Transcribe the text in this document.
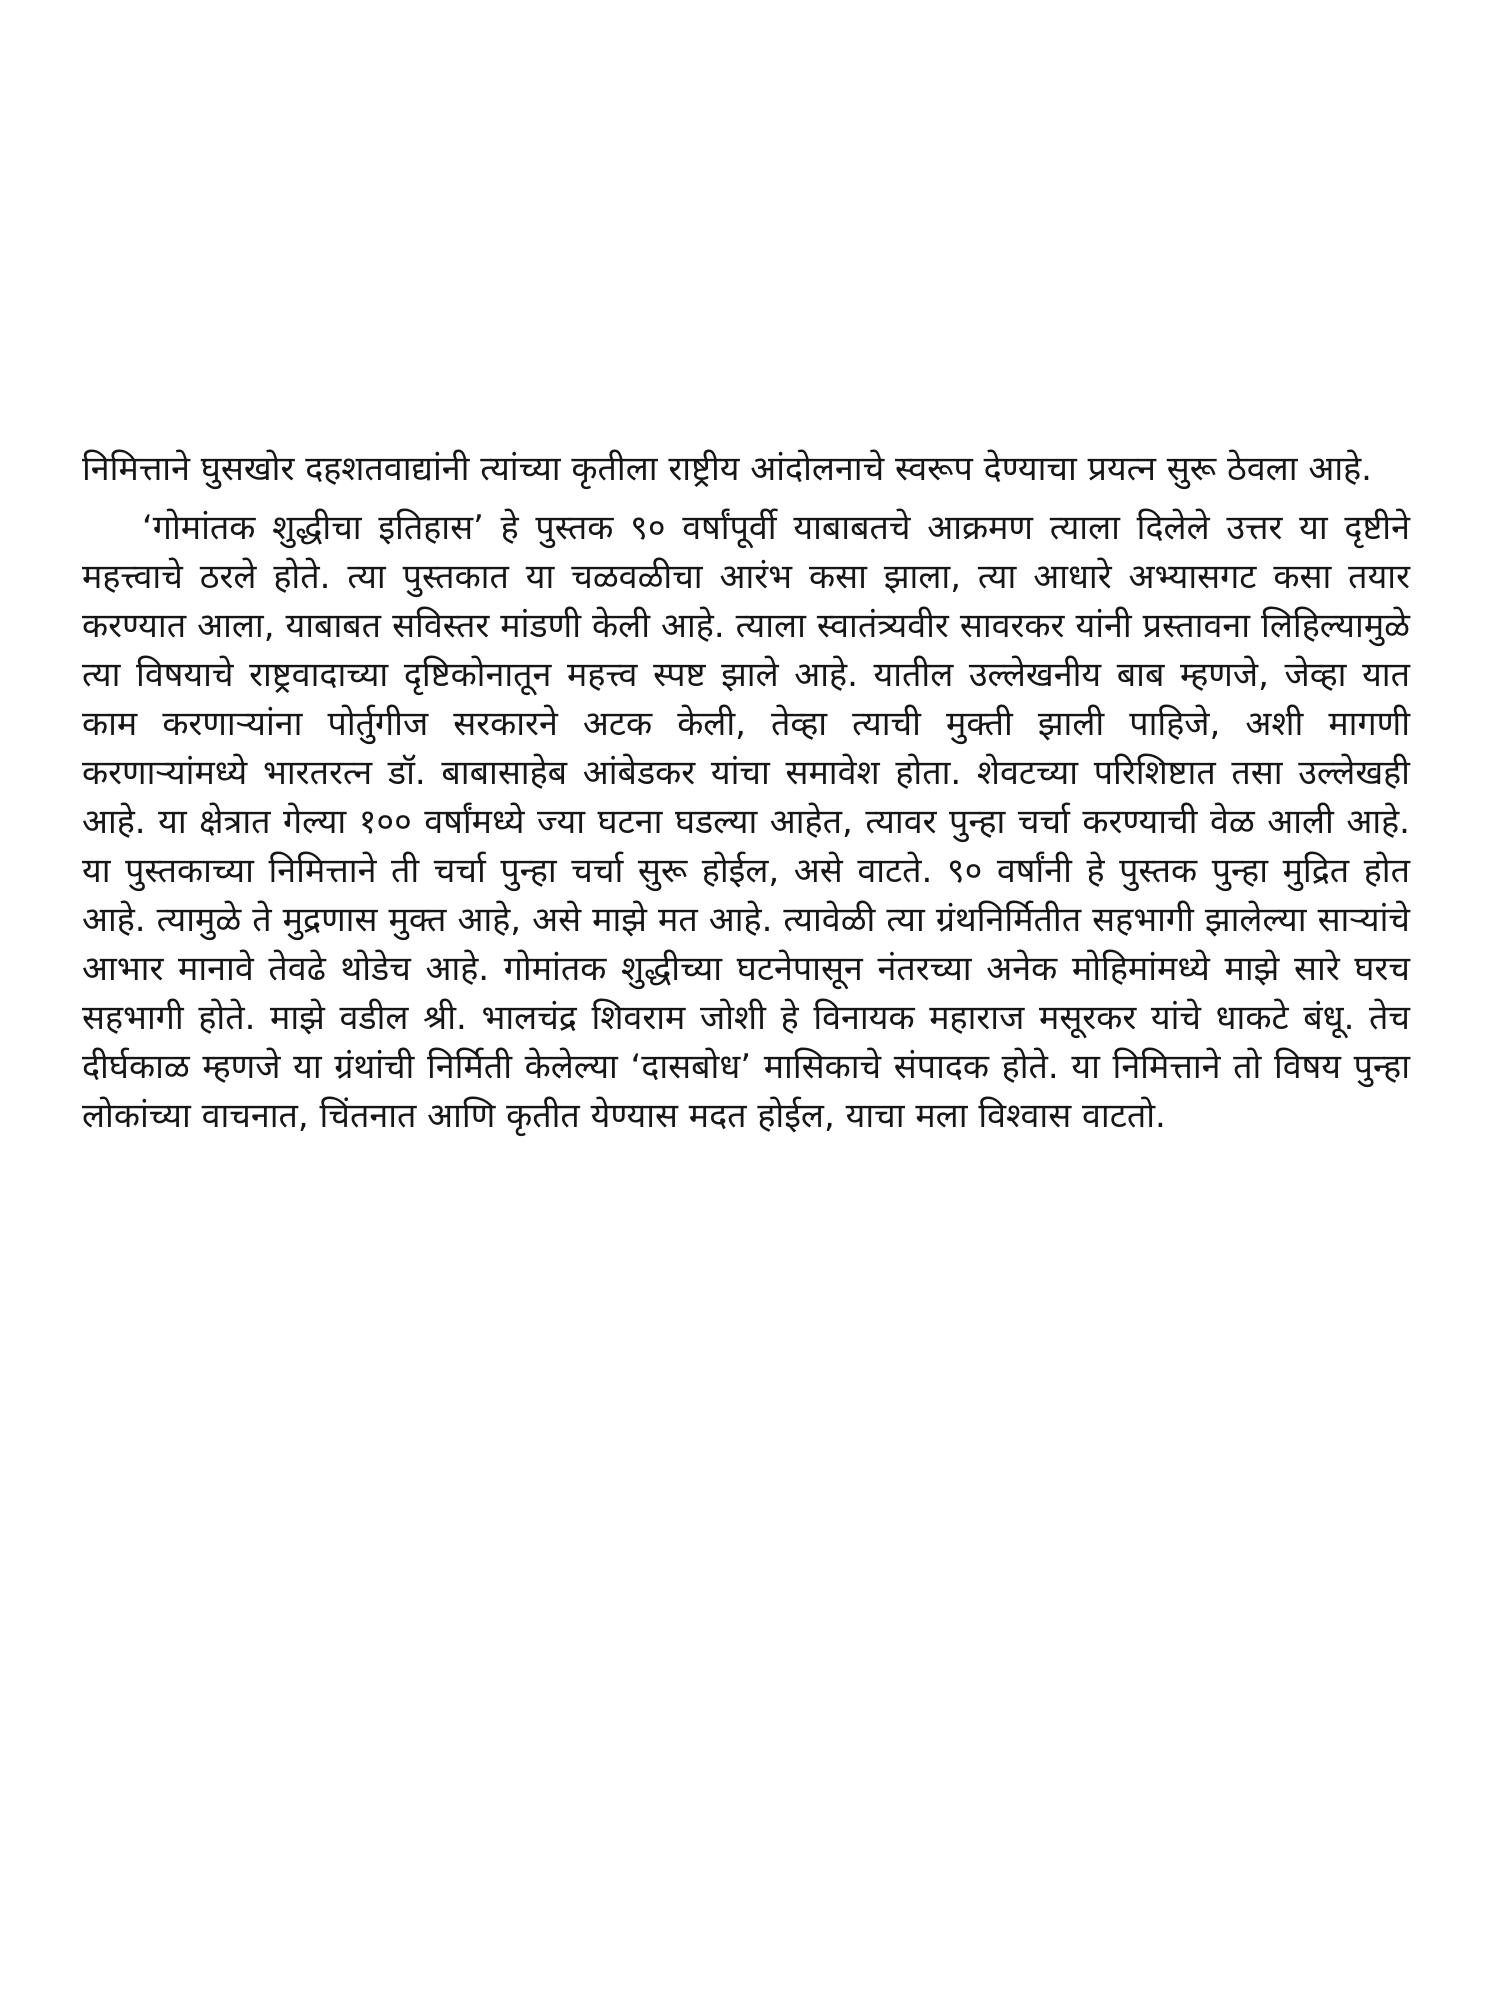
निमित्ताने घुसखोर दहशतवाद्यांनी त्यांच्या कृतीला राष्ट्रीय आंदोलनाचे स्वरूप देण्याचा प्रयत्न सुरू ठेवला आहे.

‘गोमांतक शुद्धीचा इतिहास’ हे पुस्तक ९० वर्षांपूर्वी याबाबतचे आक्रमण त्याला दिलेले उत्तर या दृष्टीने महत्त्वाचे ठरले होते. त्या पुस्तकात या चळवळीचा आरंभ कसा झाला, त्या आधारे अभ्यासगट कसा तयार करण्यात आला, याबाबत सविस्तर मांडणी केली आहे. त्याला स्वातंत्र्यवीर सावरकर यांनी प्रस्तावना लिहिल्यामुळे त्या विषयाचे राष्ट्रवादाच्या दृष्टिकोनातून महत्त्व स्पष्ट झाले आहे. यातील उल्लेखनीय बाब म्हणजे, जेव्हा यात काम करणाऱ्यांना पोर्तुगीज सरकारने अटक केली, तेव्हा त्याची मुक्ती झाली पाहिजे, अशी मागणी करणाऱ्यांमध्ये भारतरत्न डॉ. बाबासाहेब आंबेडकर यांचा समावेश होता. शेवटच्या परिशिष्टात तसा उल्लेखही आहे. या क्षेत्रात गेल्या १०० वर्षांमध्ये ज्या घटना घडल्या आहेत, त्यावर पुन्हा चर्चा करण्याची वेळ आली आहे. या पुस्तकाच्या निमित्ताने ती चर्चा पुन्हा चर्चा सुरू होईल, असे वाटते. ९० वर्षांनी हे पुस्तक पुन्हा मुद्रित होत आहे. त्यामुळे ते मुद्रणास मुक्त आहे, असे माझे मत आहे. त्यावेळी त्या ग्रंथनिर्मितीत सहभागी झालेल्या साऱ्यांचे आभार मानावे तेवढे थोडेच आहे. गोमांतक शुद्धीच्या घटनेपासून नंतरच्या अनेक मोहिमांमध्ये माझे सारे घरच सहभागी होते. माझे वडील श्री. भालचंद्र शिवराम जोशी हे विनायक महाराज मसूरकर यांचे धाकटे बंधू. तेच दीर्घकाळ म्हणजे या ग्रंथांची निर्मिती केलेल्या ‘दासबोध’ मासिकाचे संपादक होते. या निमित्ताने तो विषय पुन्हा लोकांच्या वाचनात, चिंतनात आणि कृतीत येण्यास मदत होईल, याचा मला विश्वास वाटतो.
